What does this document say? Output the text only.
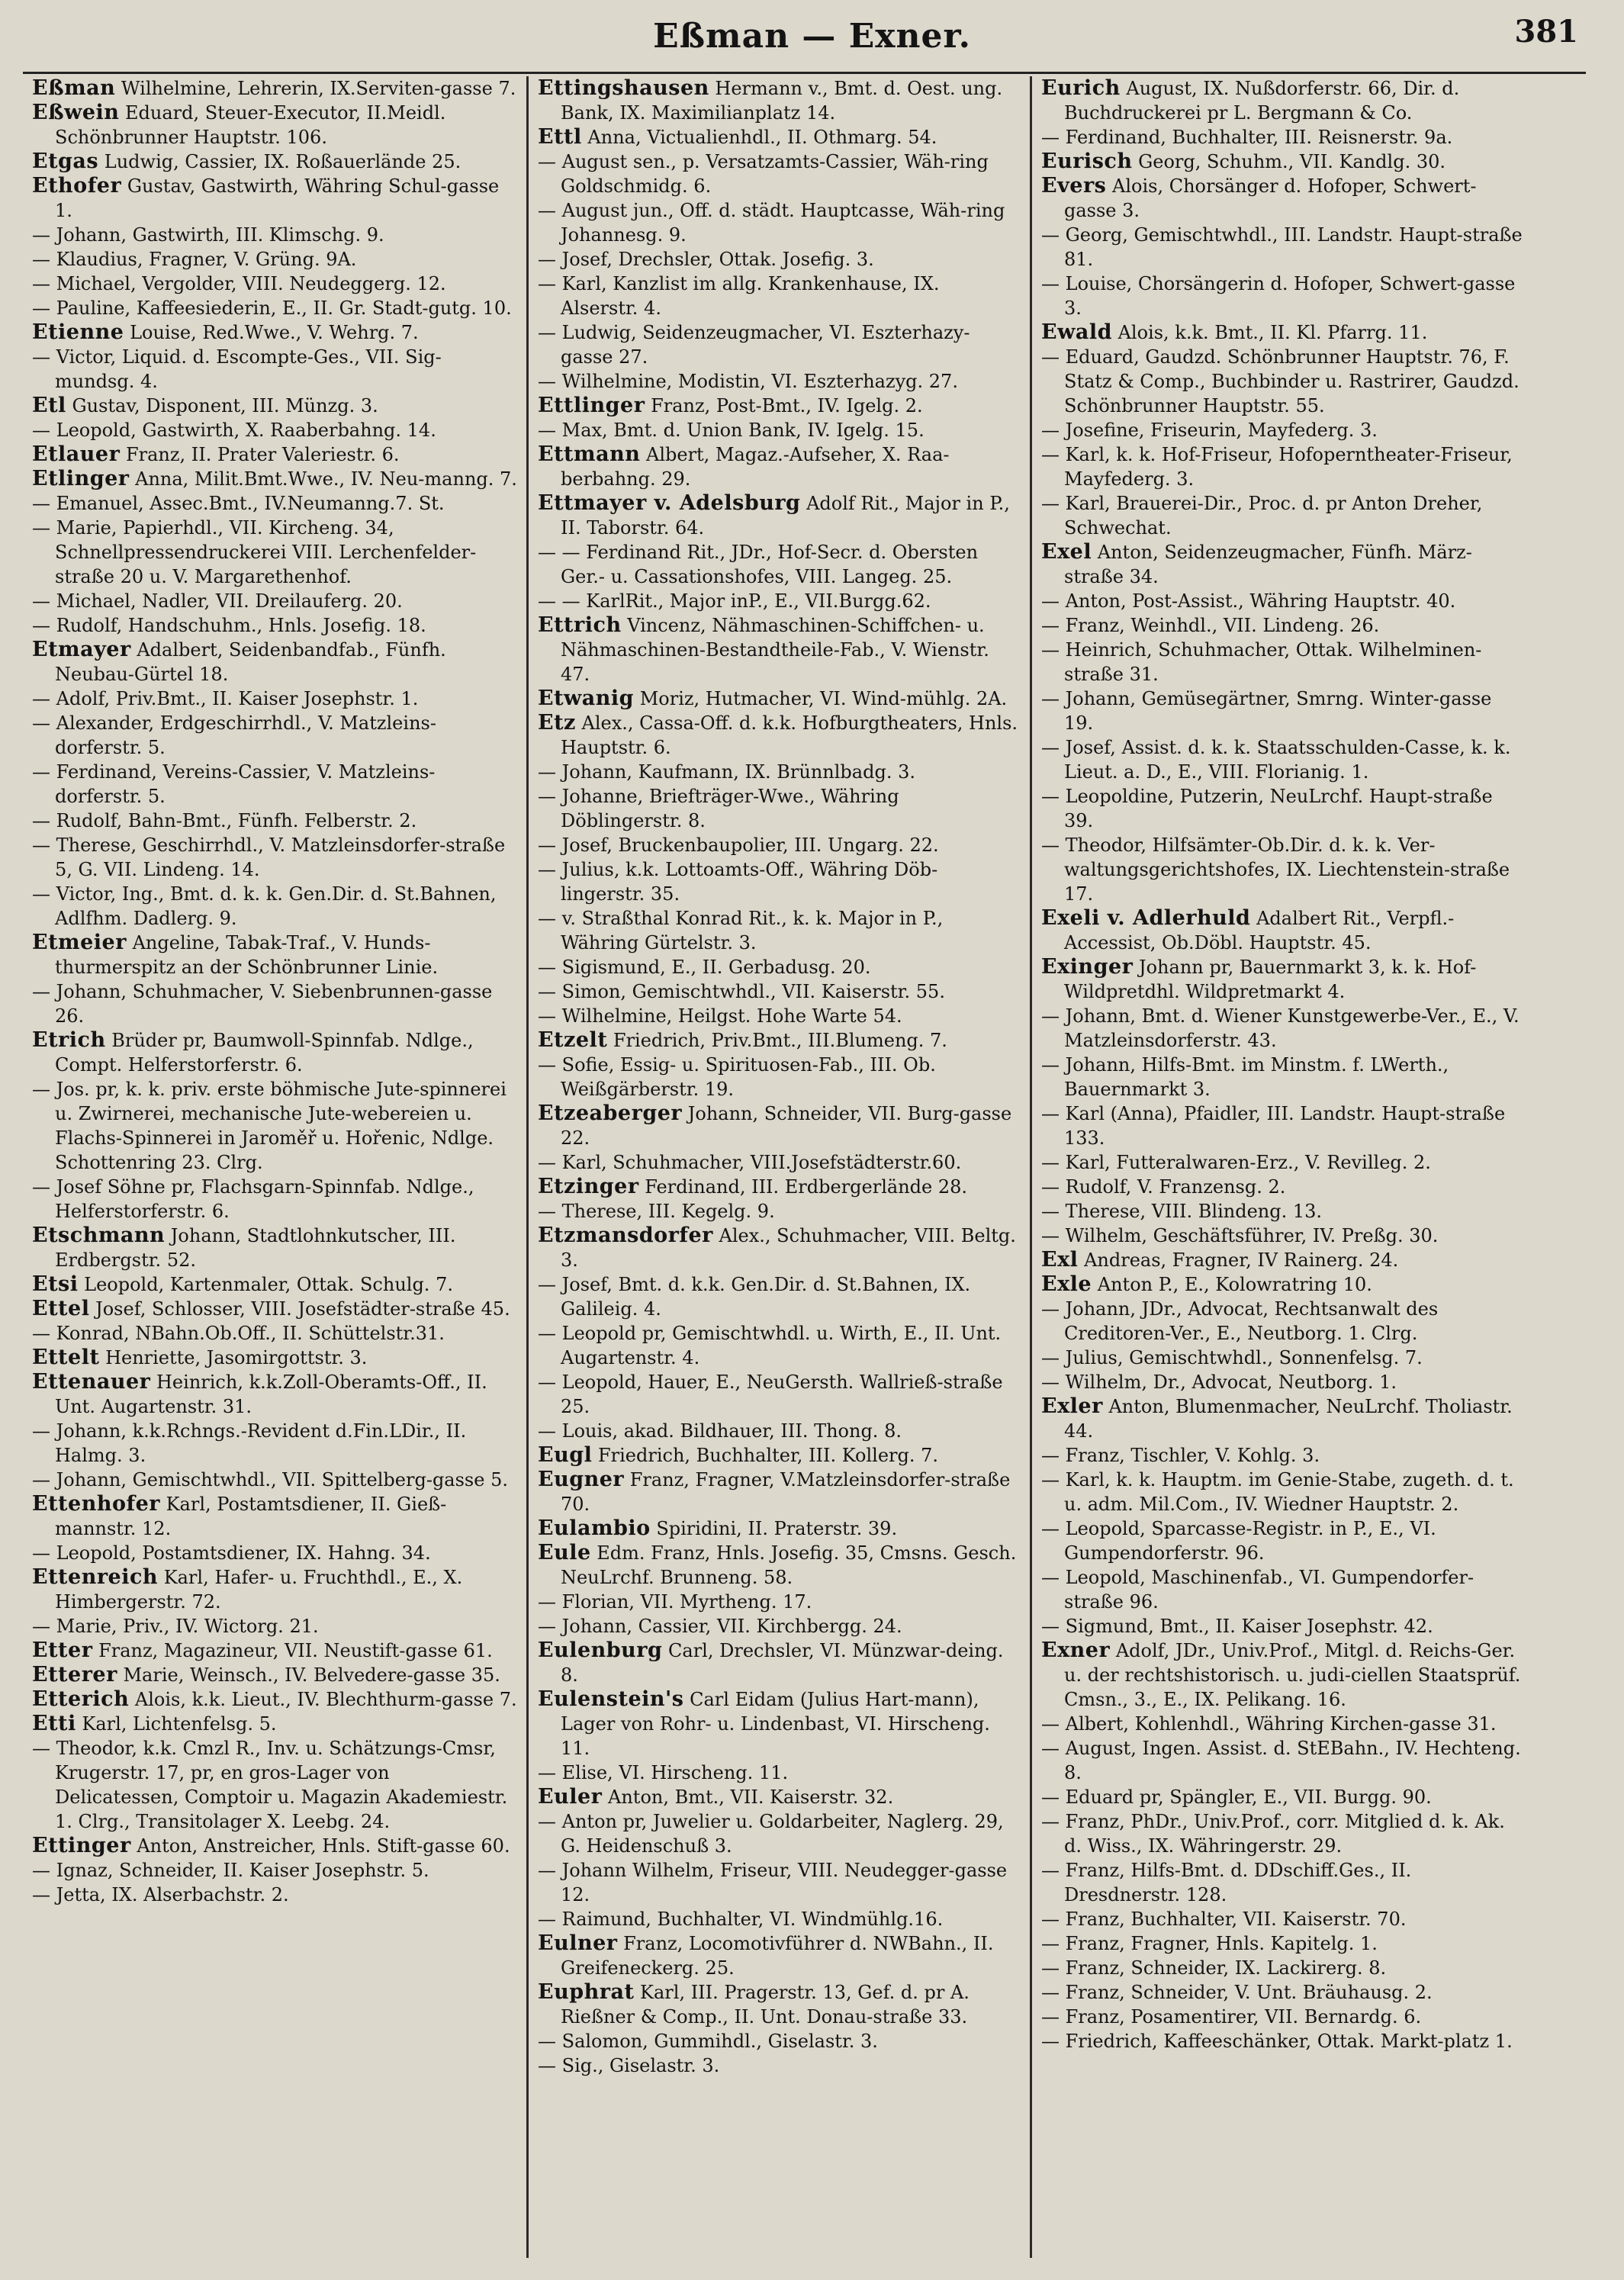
Eßman — Exner.	381
Eßman Wilhelmine, Lehrerin, IX.Serviten-gasse 7.
Eßwein Eduard, Steuer-Executor, II.Meidl. Schönbrunner Hauptstr. 106.
Etgas Ludwig, Cassier, IX. Roßauerlände 25.
Ethofer Gustav, Gastwirth, Währing Schul-gasse 1.
— Johann, Gastwirth, III. Klimschg. 9.
— Klaudius, Fragner, V. Grüng. 9A.
— Michael, Vergolder, VIII. Neudeggerg. 12.
— Pauline, Kaffeesiederin, E., II. Gr. Stadt-gutg. 10.
Etienne Louise, Red.Wwe., V. Wehrg. 7.
— Victor, Liquid. d. Escompte-Ges., VII. Sig-mundsg. 4.
Etl Gustav, Disponent, III. Münzg. 3.
— Leopold, Gastwirth, X. Raaberbahng. 14.
Etlauer Franz, II. Prater Valeriestr. 6.
Etlinger Anna, Milit.Bmt.Wwe., IV. Neu-manng. 7.
— Emanuel, Assec.Bmt., IV.Neumanng.7. St.
— Marie, Papierhdl., VII. Kircheng. 34, Schnellpressendruckerei VIII. Lerchenfelder-straße 20 u. V. Margarethenhof.
— Michael, Nadler, VII. Dreilauferg. 20.
— Rudolf, Handschuhm., Hnls. Josefig. 18.
Etmayer Adalbert, Seidenbandfab., Fünfh. Neubau-Gürtel 18.
— Adolf, Priv.Bmt., II. Kaiser Josephstr. 1.
— Alexander, Erdgeschirrhdl., V. Matzleins-dorferstr. 5.
— Ferdinand, Vereins-Cassier, V. Matzleins-dorferstr. 5.
— Rudolf, Bahn-Bmt., Fünfh. Felberstr. 2.
— Therese, Geschirrhdl., V. Matzleinsdorfer-straße 5, G. VII. Lindeng. 14.
— Victor, Ing., Bmt. d. k. k. Gen.Dir. d. St.Bahnen, Adlfhm. Dadlerg. 9.
Etmeier Angeline, Tabak-Traf., V. Hunds-thurmerspitz an der Schönbrunner Linie.
— Johann, Schuhmacher, V. Siebenbrunnen-gasse 26.
Etrich Brüder pr, Baumwoll-Spinnfab. Ndlge., Compt. Helferstorferstr. 6.
— Jos. pr, k. k. priv. erste böhmische Jute-spinnerei u. Zwirnerei, mechanische Jute-webereien u. Flachs-Spinnerei in Jaroměř u. Hořenic, Ndlge. Schottenring 23. Clrg.
— Josef Söhne pr, Flachsgarn-Spinnfab. Ndlge., Helferstorferstr. 6.
Etschmann Johann, Stadtlohnkutscher, III. Erdbergstr. 52.
Etsi Leopold, Kartenmaler, Ottak. Schulg. 7.
Ettel Josef, Schlosser, VIII. Josefstädter-straße 45.
— Konrad, NBahn.Ob.Off., II. Schüttelstr.31.
Ettelt Henriette, Jasomirgottstr. 3.
Ettenauer Heinrich, k.k.Zoll-Oberamts-Off., II. Unt. Augartenstr. 31.
— Johann, k.k.Rchngs.-Revident d.Fin.LDir., II. Halmg. 3.
— Johann, Gemischtwhdl., VII. Spittelberg-gasse 5.
Ettenhofer Karl, Postamtsdiener, II. Gieß-mannstr. 12.
— Leopold, Postamtsdiener, IX. Hahng. 34.
Ettenreich Karl, Hafer- u. Fruchthdl., E., X. Himbergerstr. 72.
— Marie, Priv., IV. Wictorg. 21.
Etter Franz, Magazineur, VII. Neustift-gasse 61.
Etterer Marie, Weinsch., IV. Belvedere-gasse 35.
Etterich Alois, k.k. Lieut., IV. Blechthurm-gasse 7.
Etti Karl, Lichtenfelsg. 5.
— Theodor, k.k. Cmzl R., Inv. u. Schätzungs-Cmsr, Krugerstr. 17, pr, en gros-Lager von Delicatessen, Comptoir u. Magazin Akademiestr. 1. Clrg., Transitolager X. Leebg. 24.
Ettinger Anton, Anstreicher, Hnls. Stift-gasse 60.
— Ignaz, Schneider, II. Kaiser Josephstr. 5.
— Jetta, IX. Alserbachstr. 2.
Ettingshausen Hermann v., Bmt. d. Oest. ung. Bank, IX. Maximilianplatz 14.
Ettl Anna, Victualienhdl., II. Othmarg. 54.
— August sen., p. Versatzamts-Cassier, Wäh-ring Goldschmidg. 6.
— August jun., Off. d. städt. Hauptcasse, Wäh-ring Johannesg. 9.
— Josef, Drechsler, Ottak. Josefig. 3.
— Karl, Kanzlist im allg. Krankenhause, IX. Alserstr. 4.
— Ludwig, Seidenzeugmacher, VI. Eszterhazy-gasse 27.
— Wilhelmine, Modistin, VI. Eszterhazyg. 27.
Ettlinger Franz, Post-Bmt., IV. Igelg. 2.
— Max, Bmt. d. Union Bank, IV. Igelg. 15.
Ettmann Albert, Magaz.-Aufseher, X. Raa-berbahng. 29.
Ettmayer v. Adelsburg Adolf Rit., Major in P., II. Taborstr. 64.
— — Ferdinand Rit., JDr., Hof-Secr. d. Obersten Ger.- u. Cassationshofes, VIII. Langeg. 25.
— — KarlRit., Major inP., E., VII.Burgg.62.
Ettrich Vincenz, Nähmaschinen-Schiffchen- u. Nähmaschinen-Bestandtheile-Fab., V. Wienstr. 47.
Etwanig Moriz, Hutmacher, VI. Wind-mühlg. 2A.
Etz Alex., Cassa-Off. d. k.k. Hofburgtheaters, Hnls. Hauptstr. 6.
— Johann, Kaufmann, IX. Brünnlbadg. 3.
— Johanne, Briefträger-Wwe., Währing Döblingerstr. 8.
— Josef, Bruckenbaupolier, III. Ungarg. 22.
— Julius, k.k. Lottoamts-Off., Währing Döb-lingerstr. 35.
— v. Straßthal Konrad Rit., k. k. Major in P., Währing Gürtelstr. 3.
— Sigismund, E., II. Gerbadusg. 20.
— Simon, Gemischtwhdl., VII. Kaiserstr. 55.
— Wilhelmine, Heilgst. Hohe Warte 54.
Etzelt Friedrich, Priv.Bmt., III.Blumeng. 7.
— Sofie, Essig- u. Spirituosen-Fab., III. Ob. Weißgärberstr. 19.
Etzeaberger Johann, Schneider, VII. Burg-gasse 22.
— Karl, Schuhmacher, VIII.Josefstädterstr.60.
Etzinger Ferdinand, III. Erdbergerlände 28.
— Therese, III. Kegelg. 9.
Etzmansdorfer Alex., Schuhmacher, VIII. Beltg. 3.
— Josef, Bmt. d. k.k. Gen.Dir. d. St.Bahnen, IX. Galileig. 4.
— Leopold pr, Gemischtwhdl. u. Wirth, E., II. Unt. Augartenstr. 4.
— Leopold, Hauer, E., NeuGersth. Wallrieß-straße 25.
— Louis, akad. Bildhauer, III. Thong. 8.
Eugl Friedrich, Buchhalter, III. Kollerg. 7.
Eugner Franz, Fragner, V.Matzleinsdorfer-straße 70.
Eulambio Spiridini, II. Praterstr. 39.
Eule Edm. Franz, Hnls. Josefig. 35, Cmsns. Gesch. NeuLrchf. Brunneng. 58.
— Florian, VII. Myrtheng. 17.
— Johann, Cassier, VII. Kirchbergg. 24.
Eulenburg Carl, Drechsler, VI. Münzwar-deing. 8.
Eulenstein's Carl Eidam (Julius Hart-mann), Lager von Rohr- u. Lindenbast, VI. Hirscheng. 11.
— Elise, VI. Hirscheng. 11.
Euler Anton, Bmt., VII. Kaiserstr. 32.
— Anton pr, Juwelier u. Goldarbeiter, Naglerg. 29, G. Heidenschuß 3.
— Johann Wilhelm, Friseur, VIII. Neudegger-gasse 12.
— Raimund, Buchhalter, VI. Windmühlg.16.
Eulner Franz, Locomotivführer d. NWBahn., II. Greifeneckerg. 25.
Euphrat Karl, III. Pragerstr. 13, Gef. d. pr A. Rießner & Comp., II. Unt. Donau-straße 33.
— Salomon, Gummihdl., Giselastr. 3.
— Sig., Giselastr. 3.
Eurich August, IX. Nußdorferstr. 66, Dir. d. Buchdruckerei pr L. Bergmann & Co.
— Ferdinand, Buchhalter, III. Reisnerstr. 9a.
Eurisch Georg, Schuhm., VII. Kandlg. 30.
Evers Alois, Chorsänger d. Hofoper, Schwert-gasse 3.
— Georg, Gemischtwhdl., III. Landstr. Haupt-straße 81.
— Louise, Chorsängerin d. Hofoper, Schwert-gasse 3.
Ewald Alois, k.k. Bmt., II. Kl. Pfarrg. 11.
— Eduard, Gaudzd. Schönbrunner Hauptstr. 76, F. Statz & Comp., Buchbinder u. Rastrirer, Gaudzd. Schönbrunner Hauptstr. 55.
— Josefine, Friseurin, Mayfederg. 3.
— Karl, k. k. Hof-Friseur, Hofoperntheater-Friseur, Mayfederg. 3.
— Karl, Brauerei-Dir., Proc. d. pr Anton Dreher, Schwechat.
Exel Anton, Seidenzeugmacher, Fünfh. März-straße 34.
— Anton, Post-Assist., Währing Hauptstr. 40.
— Franz, Weinhdl., VII. Lindeng. 26.
— Heinrich, Schuhmacher, Ottak. Wilhelminen-straße 31.
— Johann, Gemüsegärtner, Smrng. Winter-gasse 19.
— Josef, Assist. d. k. k. Staatsschulden-Casse, k. k. Lieut. a. D., E., VIII. Florianig. 1.
— Leopoldine, Putzerin, NeuLrchf. Haupt-straße 39.
— Theodor, Hilfsämter-Ob.Dir. d. k. k. Ver-waltungsgerichtshofes, IX. Liechtenstein-straße 17.
Exeli v. Adlerhuld Adalbert Rit., Verpfl.-Accessist, Ob.Döbl. Hauptstr. 45.
Exinger Johann pr, Bauernmarkt 3, k. k. Hof-Wildpretdhl. Wildpretmarkt 4.
— Johann, Bmt. d. Wiener Kunstgewerbe-Ver., E., V. Matzleinsdorferstr. 43.
— Johann, Hilfs-Bmt. im Minstm. f. LWerth., Bauernmarkt 3.
— Karl (Anna), Pfaidler, III. Landstr. Haupt-straße 133.
— Karl, Futteralwaren-Erz., V. Revilleg. 2.
— Rudolf, V. Franzensg. 2.
— Therese, VIII. Blindeng. 13.
— Wilhelm, Geschäftsführer, IV. Preßg. 30.
Exl Andreas, Fragner, IV Rainerg. 24.
Exle Anton P., E., Kolowratring 10.
— Johann, JDr., Advocat, Rechtsanwalt des Creditoren-Ver., E., Neutborg. 1. Clrg.
— Julius, Gemischtwhdl., Sonnenfelsg. 7.
— Wilhelm, Dr., Advocat, Neutborg. 1.
Exler Anton, Blumenmacher, NeuLrchf. Tholiastr. 44.
— Franz, Tischler, V. Kohlg. 3.
— Karl, k. k. Hauptm. im Genie-Stabe, zugeth. d. t. u. adm. Mil.Com., IV. Wiedner Hauptstr. 2.
— Leopold, Sparcasse-Registr. in P., E., VI. Gumpendorferstr. 96.
— Leopold, Maschinenfab., VI. Gumpendorfer-straße 96.
— Sigmund, Bmt., II. Kaiser Josephstr. 42.
Exner Adolf, JDr., Univ.Prof., Mitgl. d. Reichs-Ger. u. der rechtshistorisch. u. judi-ciellen Staatsprüf. Cmsn., 3., E., IX. Pelikang. 16.
— Albert, Kohlenhdl., Währing Kirchen-gasse 31.
— August, Ingen. Assist. d. StEBahn., IV. Hechteng. 8.
— Eduard pr, Spängler, E., VII. Burgg. 90.
— Franz, PhDr., Univ.Prof., corr. Mitglied d. k. Ak. d. Wiss., IX. Währingerstr. 29.
— Franz, Hilfs-Bmt. d. DDschiff.Ges., II. Dresdnerstr. 128.
— Franz, Buchhalter, VII. Kaiserstr. 70.
— Franz, Fragner, Hnls. Kapitelg. 1.
— Franz, Schneider, IX. Lackirerg. 8.
— Franz, Schneider, V. Unt. Bräuhausg. 2.
— Franz, Posamentirer, VII. Bernardg. 6.
— Friedrich, Kaffeeschänker, Ottak. Markt-platz 1.
